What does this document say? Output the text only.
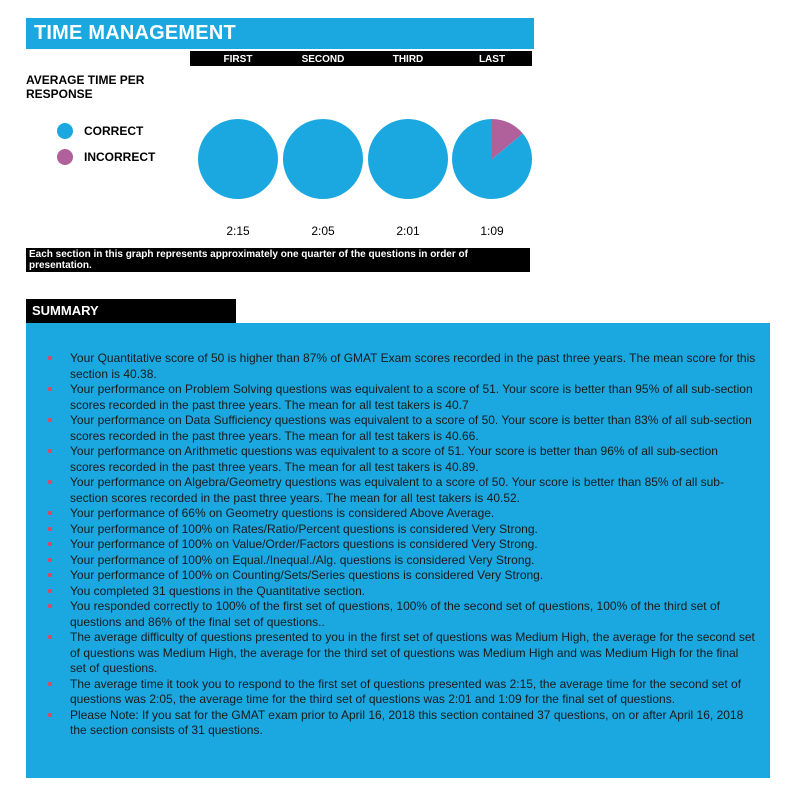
TIME MANAGEMENT
AVERAGE TIME PER RESPONSE
CORRECT
INCORRECT
FIRST
2:15
SECOND
2:05
THIRD
2:01
LAST
1:09
Each section in this graph represents approximately one quarter of the questions in order of presentation.
SUMMARY
Your Quantitative score of 50 is higher than 87% of GMAT Exam scores recorded in the past three years. The mean score for this section is 40.38.
Your performance on Problem Solving questions was equivalent to a score of 51. Your score is better than 95% of all sub-section scores recorded in the past three years. The mean for all test takers is 40.7
Your performance on Data Sufficiency questions was equivalent to a score of 50. Your score is better than 83% of all sub-section scores recorded in the past three years. The mean for all test takers is 40.66.
Your performance on Arithmetic questions was equivalent to a score of 51. Your score is better than 96% of all sub-section scores recorded in the past three years. The mean for all test takers is 40.89.
Your performance on Algebra/Geometry questions was equivalent to a score of 50. Your score is better than 85% of all sub-section scores recorded in the past three years. The mean for all test takers is 40.52.
Your performance of 66% on Geometry questions is considered Above Average.
Your performance of 100% on Rates/Ratio/Percent questions is considered Very Strong.
Your performance of 100% on Value/Order/Factors questions is considered Very Strong.
Your performance of 100% on Equal./Inequal./Alg. questions is considered Very Strong.
Your performance of 100% on Counting/Sets/Series questions is considered Very Strong.
You completed 31 questions in the Quantitative section.
You responded correctly to 100% of the first set of questions, 100% of the second set of questions, 100% of the third set of questions and 86% of the final set of questions..
The average difficulty of questions presented to you in the first set of questions was Medium High, the average for the second set of questions was Medium High, the average for the third set of questions was Medium High and was Medium High for the final set of questions.
The average time it took you to respond to the first set of questions presented was 2:15, the average time for the second set of questions was 2:05, the average time for the third set of questions was 2:01 and 1:09 for the final set of questions.
Please Note: If you sat for the GMAT exam prior to April 16, 2018 this section contained 37 questions, on or after April 16, 2018 the section consists of 31 questions.
